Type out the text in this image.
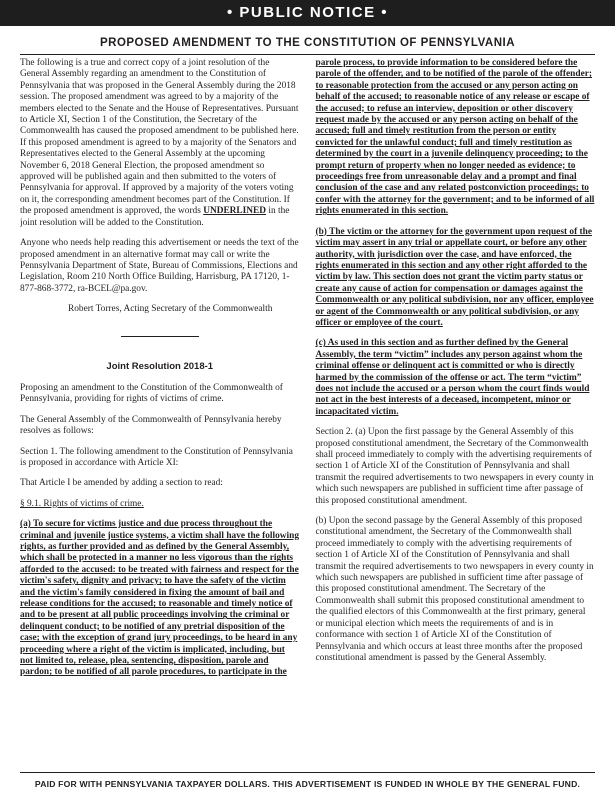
• PUBLIC NOTICE •
PROPOSED AMENDMENT TO THE CONSTITUTION OF PENNSYLVANIA

The following is a true and correct copy of a joint resolution of the General Assembly regarding an amendment to the Constitution of Pennsylvania that was proposed in the General Assembly during the 2018 session. The proposed amendment was agreed to by a majority of the members elected to the Senate and the House of Representatives. Pursuant to Article XI, Section 1 of the Constitution, the Secretary of the Commonwealth has caused the proposed amendment to be published here. If this proposed amendment is agreed to by a majority of the Senators and Representatives elected to the General Assembly at the upcoming November 6, 2018 General Election, the proposed amendment so approved will be published again and then submitted to the voters of Pennsylvania for approval. If approved by a majority of the voters voting on it, the corresponding amendment becomes part of the Constitution. If the proposed amendment is approved, the words UNDERLINED in the joint resolution will be added to the Constitution.

Anyone who needs help reading this advertisement or needs the text of the proposed amendment in an alternative format may call or write the Pennsylvania Department of State, Bureau of Commissions, Elections and Legislation, Room 210 North Office Building, Harrisburg, PA 17120, 1-877-868-3772, ra-BCEL@pa.gov.

Robert Torres, Acting Secretary of the Commonwealth

Joint Resolution 2018-1

Proposing an amendment to the Constitution of the Commonwealth of Pennsylvania, providing for rights of victims of crime.

The General Assembly of the Commonwealth of Pennsylvania hereby resolves as follows:

Section 1. The following amendment to the Constitution of Pennsylvania is proposed in accordance with Article XI:

That Article I be amended by adding a section to read:

§ 9.1. Rights of victims of crime.

(a) To secure for victims justice and due process throughout the criminal and juvenile justice systems, a victim shall have the following rights, as further provided and as defined by the General Assembly, which shall be protected in a manner no less vigorous than the rights afforded to the accused: to be treated with fairness and respect for the victim's safety, dignity and privacy; to have the safety of the victim and the victim's family considered in fixing the amount of bail and release conditions for the accused; to reasonable and timely notice of and to be present at all public proceedings involving the criminal or delinquent conduct; to be notified of any pretrial disposition of the case; with the exception of grand jury proceedings, to be heard in any proceeding where a right of the victim is implicated, including, but not limited to, release, plea, sentencing, disposition, parole and pardon; to be notified of all parole procedures, to participate in the

parole process, to provide information to be considered before the parole of the offender, and to be notified of the parole of the offender; to reasonable protection from the accused or any person acting on behalf of the accused; to reasonable notice of any release or escape of the accused; to refuse an interview, deposition or other discovery request made by the accused or any person acting on behalf of the accused; full and timely restitution from the person or entity convicted for the unlawful conduct; full and timely restitution as determined by the court in a juvenile delinquency proceeding; to the prompt return of property when no longer needed as evidence; to proceedings free from unreasonable delay and a prompt and final conclusion of the case and any related postconviction proceedings; to confer with the attorney for the government; and to be informed of all rights enumerated in this section.

(b) The victim or the attorney for the government upon request of the victim may assert in any trial or appellate court, or before any other authority, with jurisdiction over the case, and have enforced, the rights enumerated in this section and any other right afforded to the victim by law. This section does not grant the victim party status or create any cause of action for compensation or damages against the Commonwealth or any political subdivision, nor any officer, employee or agent of the Commonwealth or any political subdivision, or any officer or employee of the court.

(c) As used in this section and as further defined by the General Assembly, the term “victim” includes any person against whom the criminal offense or delinquent act is committed or who is directly harmed by the commission of the offense or act. The term “victim” does not include the accused or a person whom the court finds would not act in the best interests of a deceased, incompetent, minor or incapacitated victim.

Section 2. (a) Upon the first passage by the General Assembly of this proposed constitutional amendment, the Secretary of the Commonwealth shall proceed immediately to comply with the advertising requirements of section 1 of Article XI of the Constitution of Pennsylvania and shall transmit the required advertisements to two newspapers in every county in which such newspapers are published in sufficient time after passage of this proposed constitutional amendment.

(b) Upon the second passage by the General Assembly of this proposed constitutional amendment, the Secretary of the Commonwealth shall proceed immediately to comply with the advertising requirements of section 1 of Article XI of the Constitution of Pennsylvania and shall transmit the required advertisements to two newspapers in every county in which such newspapers are published in sufficient time after passage of this proposed constitutional amendment. The Secretary of the Commonwealth shall submit this proposed constitutional amendment to the qualified electors of this Commonwealth at the first primary, general or municipal election which meets the requirements of and is in conformance with section 1 of Article XI of the Constitution of Pennsylvania and which occurs at least three months after the proposed constitutional amendment is passed by the General Assembly.

PAID FOR WITH PENNSYLVANIA TAXPAYER DOLLARS. THIS ADVERTISEMENT IS FUNDED IN WHOLE BY THE GENERAL FUND.
